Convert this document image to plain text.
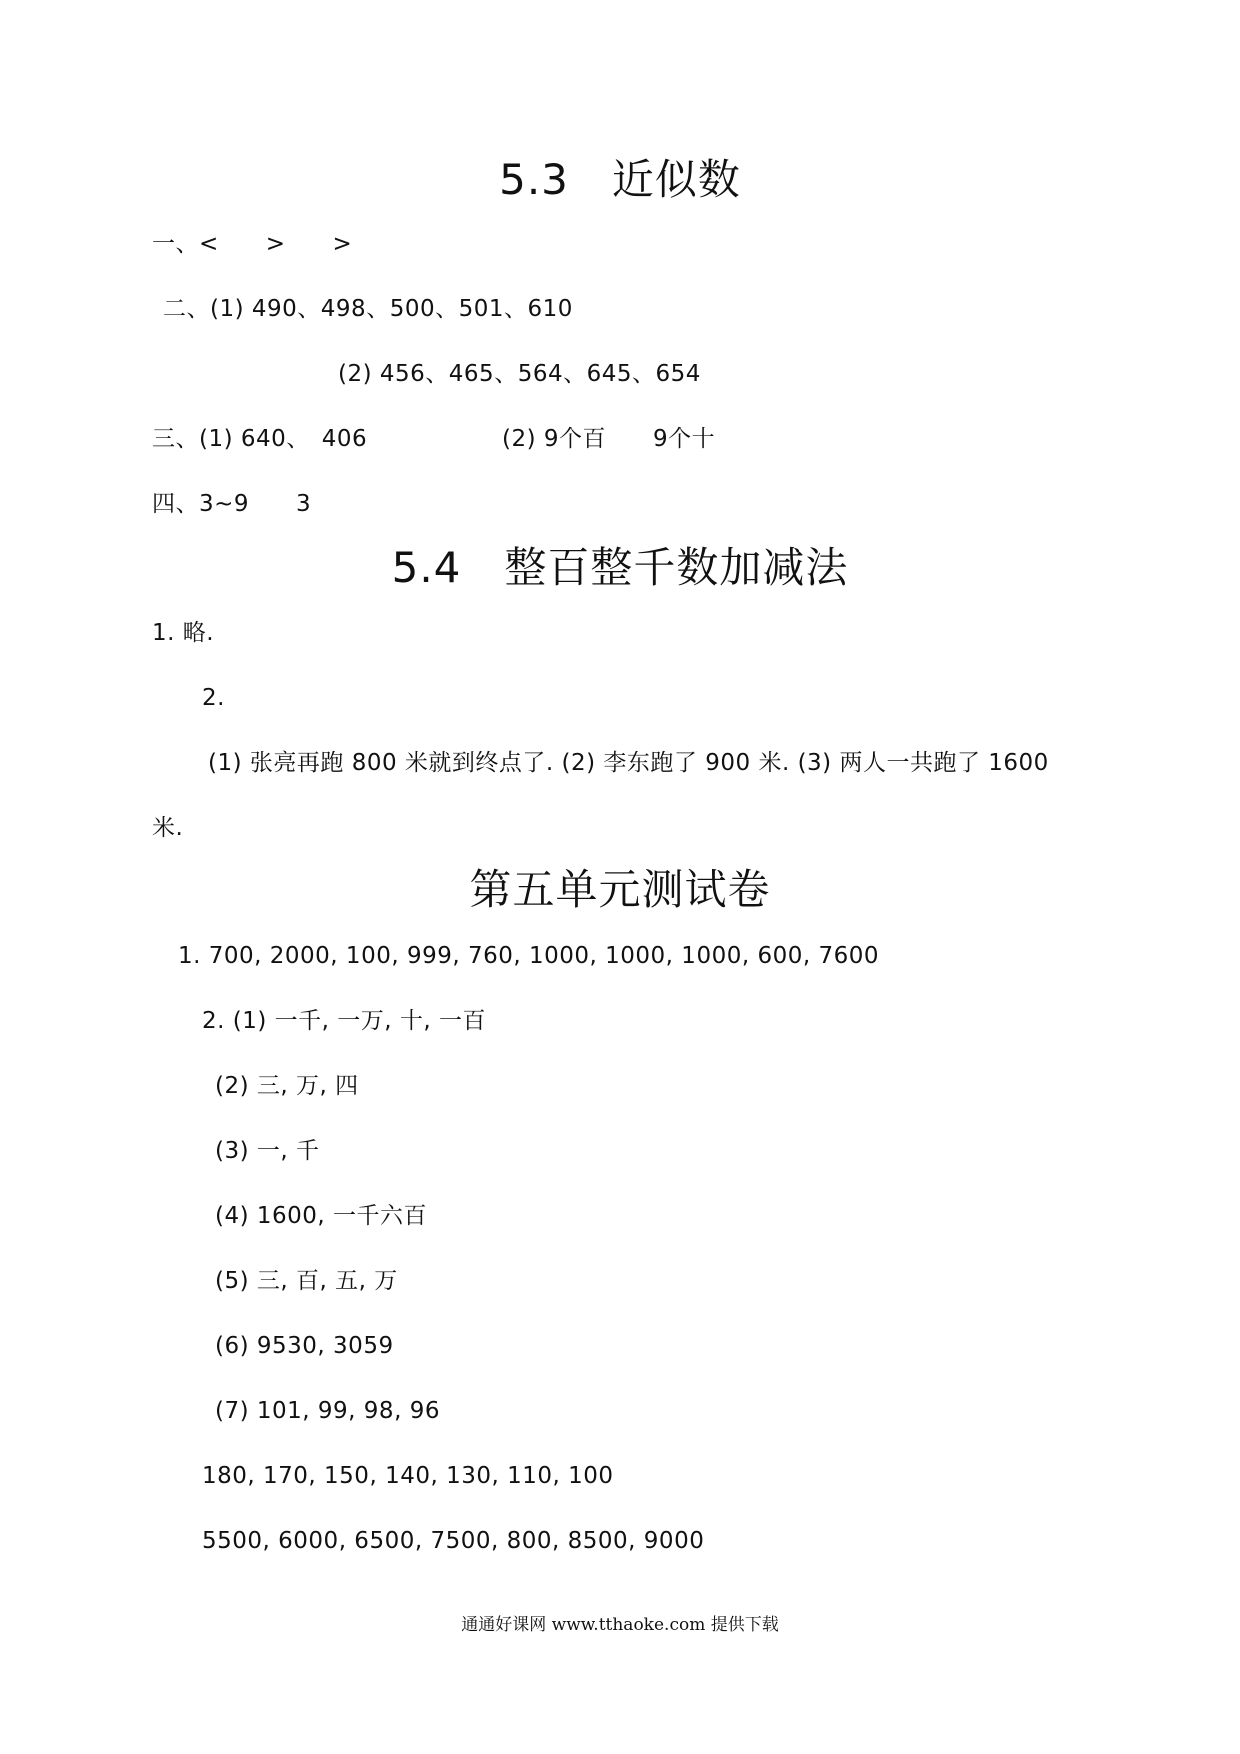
5.3　近似数
一、<　　>　　>
二、(1) 490、498、500、501、610
(2) 456、465、564、645、654
三、(1) 640、　406	(2) 9个百　　9个十
四、3~9　　3
5.4　整百整千数加减法
1. 略.
2.
(1) 张亮再跑 800 米就到终点了. (2) 李东跑了 900 米. (3) 两人一共跑了 1600
米.
第五单元测试卷
1. 700, 2000, 100, 999, 760, 1000, 1000, 1000, 600, 7600
2. (1) 一千, 一万, 十, 一百
(2) 三, 万, 四
(3) 一, 千
(4) 1600, 一千六百
(5) 三, 百, 五, 万
(6) 9530, 3059
(7) 101, 99, 98, 96
180, 170, 150, 140, 130, 110, 100
5500, 6000, 6500, 7500, 800, 8500, 9000
通通好课网 www.tthaoke.com 提供下载
